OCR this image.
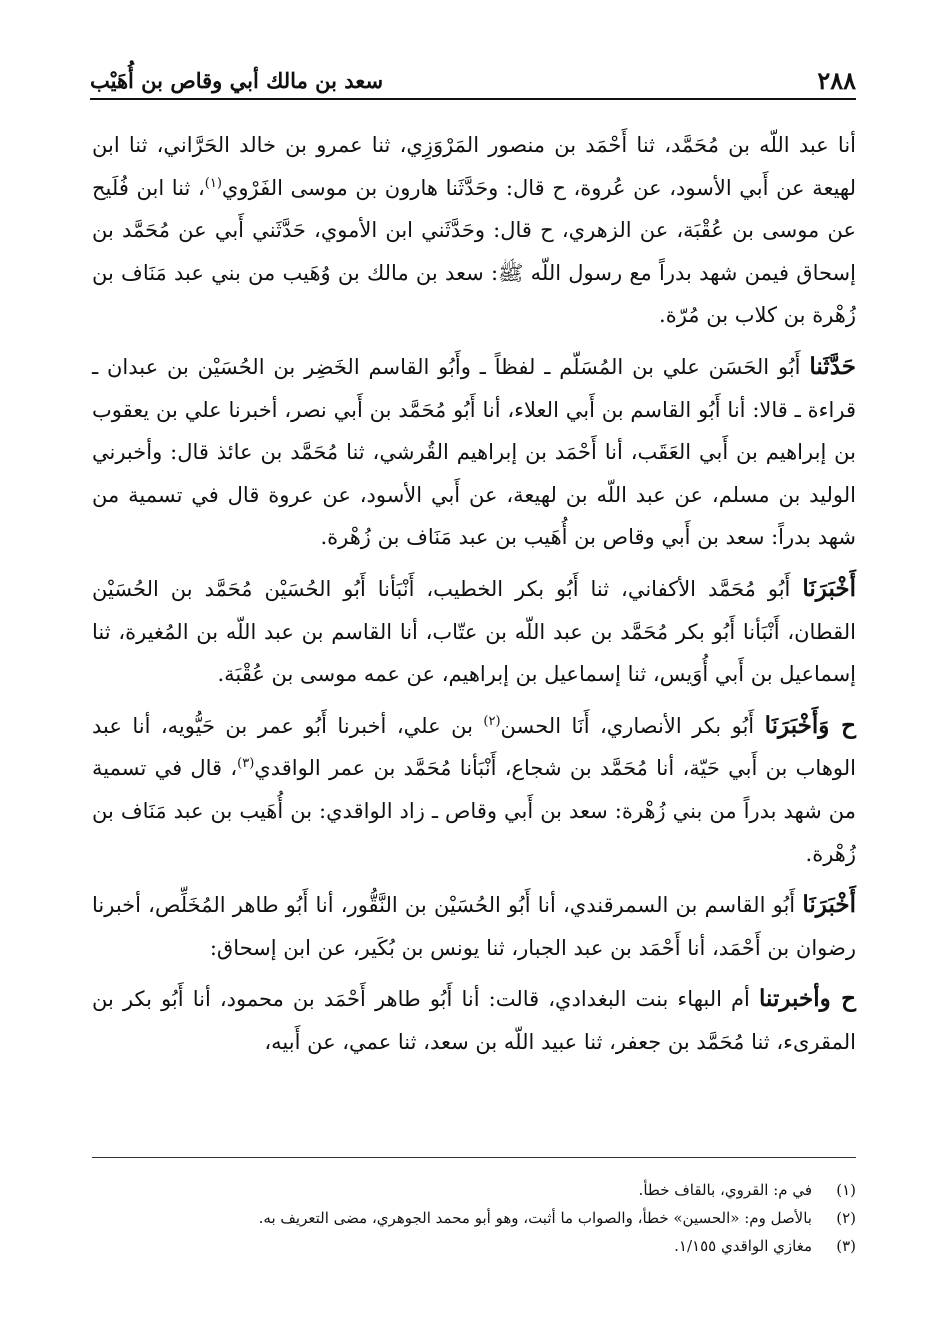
٢٨٨
سعد بن مالك أبي وقاص بن أُهَيْب

أنا عبد اللّه بن مُحَمَّد، ثنا أَحْمَد بن منصور المَرْوَزِي، ثنا عمرو بن خالد الحَرَّاني، ثنا ابن لهيعة عن أَبي الأسود، عن عُروة، ح قال: وحَدَّثَنا هارون بن موسى الفَرْوي$^{(١)}$، ثنا ابن فُلَيح عن موسى بن عُقْبَة، عن الزهري، ح قال: وحَدَّثَني ابن الأموي، حَدَّثَني أَبي عن مُحَمَّد بن إسحاق فيمن شهد بدراً مع رسول اللّه ﷺ: سعد بن مالك بن وُهَيب من بني عبد مَنَاف بن زُهْرة بن كلاب بن مُرّة.

حَدَّثَنا أَبُو الحَسَن علي بن المُسَلّم ـ لفظاً ـ وأَبُو القاسم الخَضِر بن الحُسَيْن بن عبدان ـ قراءة ـ قالا: أنا أَبُو القاسم بن أَبي العلاء، أنا أَبُو مُحَمَّد بن أَبي نصر، أخبرنا علي بن يعقوب بن إبراهيم بن أَبي العَقَب، أنا أَحْمَد بن إبراهيم القُرشي، ثنا مُحَمَّد بن عائذ قال: وأخبرني الوليد بن مسلم، عن عبد اللّه بن لهيعة، عن أَبي الأسود، عن عروة قال في تسمية من شهد بدراً: سعد بن أَبي وقاص بن أُهَيب بن عبد مَنَاف بن زُهْرة.

أَخْبَرَنَا أَبُو مُحَمَّد الأكفاني، ثنا أَبُو بكر الخطيب، أَنْبَأنا أَبُو الحُسَيْن مُحَمَّد بن الحُسَيْن القطان، أَنْبَأنا أَبُو بكر مُحَمَّد بن عبد اللّه بن عتّاب، أنا القاسم بن عبد اللّه بن المُغيرة، ثنا إسماعيل بن أَبي أُوَيس، ثنا إسماعيل بن إبراهيم، عن عمه موسى بن عُقْبَة.

ح وَأَخْبَرَنَا أَبُو بكر الأنصاري، أَنَا الحسن$^{(٢)}$ بن علي، أخبرنا أَبُو عمر بن حَيُّويه، أنا عبد الوهاب بن أَبي حَيّة، أنا مُحَمَّد بن شجاع، أَنْبَأنا مُحَمَّد بن عمر الواقدي$^{(٣)}$، قال في تسمية من شهد بدراً من بني زُهْرة: سعد بن أَبي وقاص ـ زاد الواقدي: بن أُهَيب بن عبد مَنَاف بن زُهْرة.

أَخْبَرَنَا أَبُو القاسم بن السمرقندي، أنا أَبُو الحُسَيْن بن النَّقُّور، أنا أَبُو طاهر المُخَلِّص، أخبرنا رضوان بن أَحْمَد، أنا أَحْمَد بن عبد الجبار، ثنا يونس بن بُكَير، عن ابن إسحاق:

ح وأخبرتنا أم البهاء بنت البغدادي، قالت: أنا أَبُو طاهر أَحْمَد بن محمود، أنا أَبُو بكر بن المقرىء، ثنا مُحَمَّد بن جعفر، ثنا عبيد اللّه بن سعد، ثنا عمي، عن أَبيه،

(١)
في م: القروي، بالقاف خطأ.
(٢)
بالأصل وم: «الحسين» خطأ، والصواب ما أثبت، وهو أبو محمد الجوهري، مضى التعريف به.
(٣)
مغازي الواقدي ١/١٥٥.
